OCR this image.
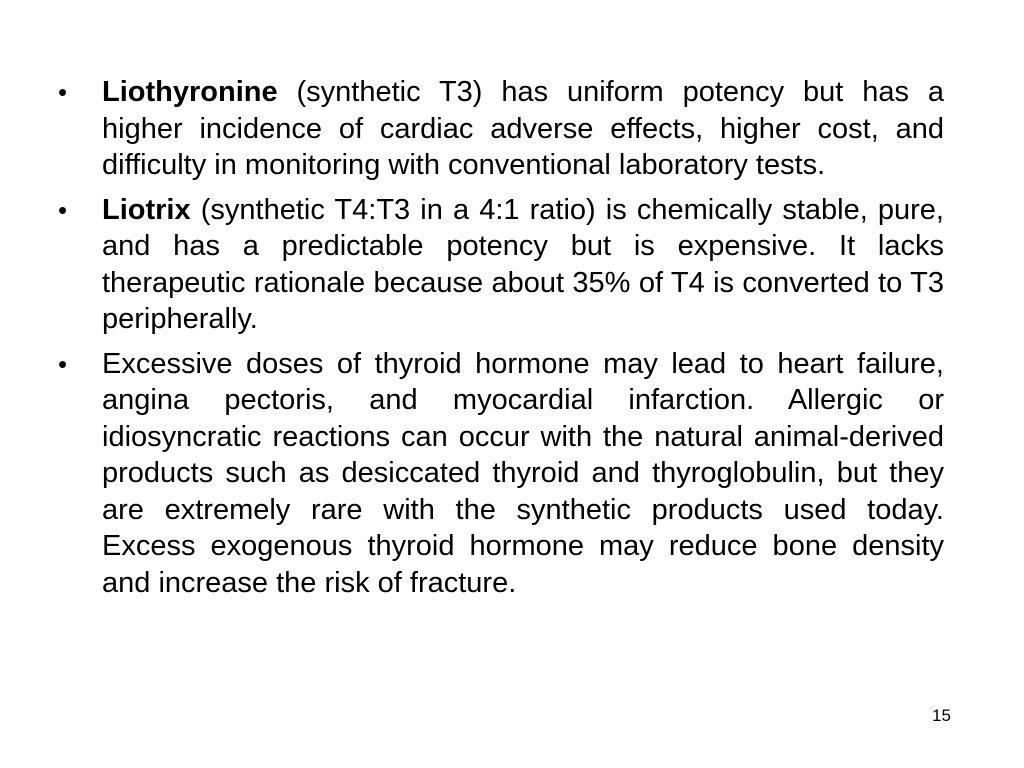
• Liothyronine (synthetic T3) has uniform potency but has a higher incidence of cardiac adverse effects, higher cost, and difficulty in monitoring with conventional laboratory tests.
• Liotrix (synthetic T4:T3 in a 4:1 ratio) is chemically stable, pure, and has a predictable potency but is expensive. It lacks therapeutic rationale because about 35% of T4 is converted to T3 peripherally.
• Excessive doses of thyroid hormone may lead to heart failure, angina pectoris, and myocardial infarction. Allergic or idiosyncratic reactions can occur with the natural animal-derived products such as desiccated thyroid and thyroglobulin, but they are extremely rare with the synthetic products used today. Excess exogenous thyroid hormone may reduce bone density and increase the risk of fracture.
15
